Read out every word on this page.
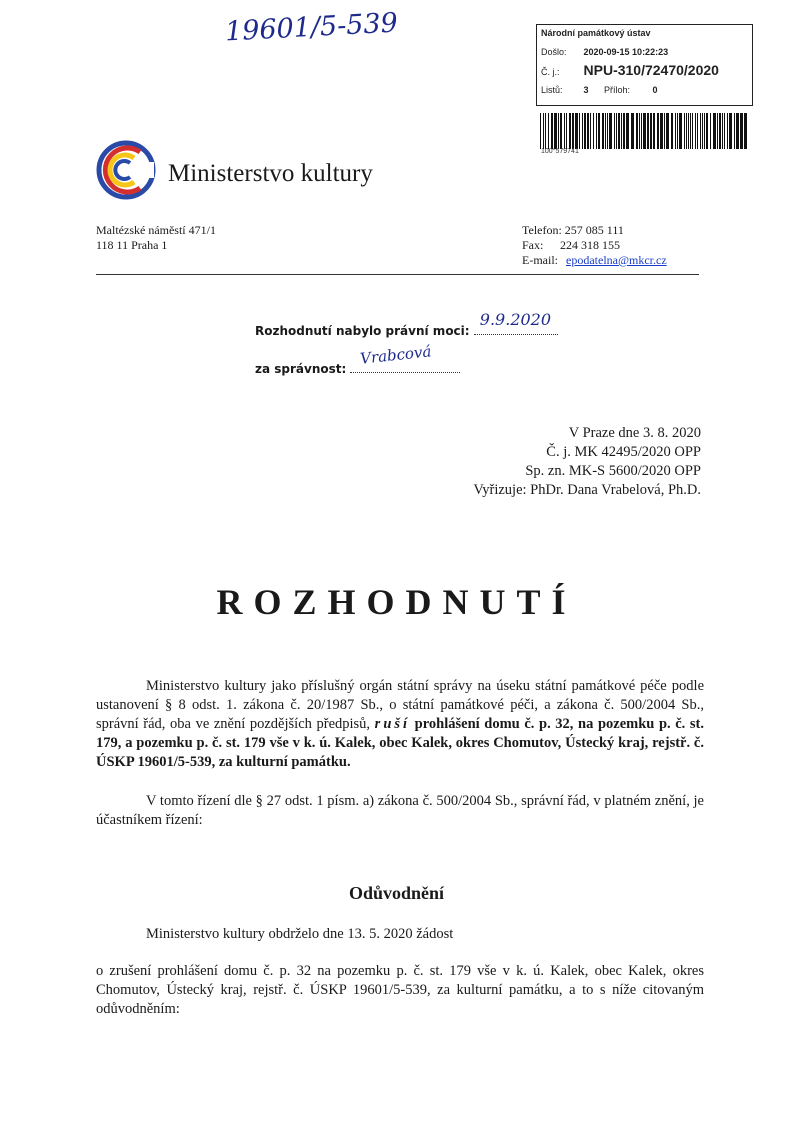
19601/5-539	Národní památkový ústav
Došlo: 2020-09-15 10:22:23
Č. j.: NPU-310/72470/2020
Listů: 3 Příloh:	0
100°579741
Ministerstvo kultury
Maltézské náměstí 471/1
118 11 Praha 1
Telefon: 257 085 111
Fax: 224 318 155
E-mail: epodatelna@mkcr.cz
Rozhodnutí nabylo právní moci:
9.9.2020
za správnost:
Vrabcová
V Praze dne 3. 8. 2020
Č. j. MK 42495/2020 OPP
Sp. zn. MK-S 5600/2020 OPP
Vyřizuje: PhDr. Dana Vrabelová, Ph.D.
ROZHODNUTÍ
Ministerstvo kultury jako příslušný orgán státní správy na úseku státní památkové péče podle ustanovení § 8 odst. 1. zákona č. 20/1987 Sb., o státní památkové péči, a zákona č. 500/2004 Sb., správní řád, oba ve znění pozdějších předpisů, ruší prohlášení domu č. p. 32, na pozemku p. č. st. 179, a pozemku p. č. st. 179 vše v k. ú. Kalek, obec Kalek, okres Chomutov, Ústecký kraj, rejstř. č. ÚSKP 19601/5-539, za kulturní památku.
V tomto řízení dle § 27 odst. 1 písm. a) zákona č. 500/2004 Sb., správní řád, v platném znění, je účastníkem řízení:
Odůvodnění
Ministerstvo kultury obdrželo dne 13. 5. 2020 žádost
o zrušení prohlášení domu č. p. 32 na pozemku p. č. st. 179 vše v k. ú. Kalek, obec Kalek, okres Chomutov, Ústecký kraj, rejstř. č. ÚSKP 19601/5-539, za kulturní památku, a to s níže citovaným odůvodněním:
